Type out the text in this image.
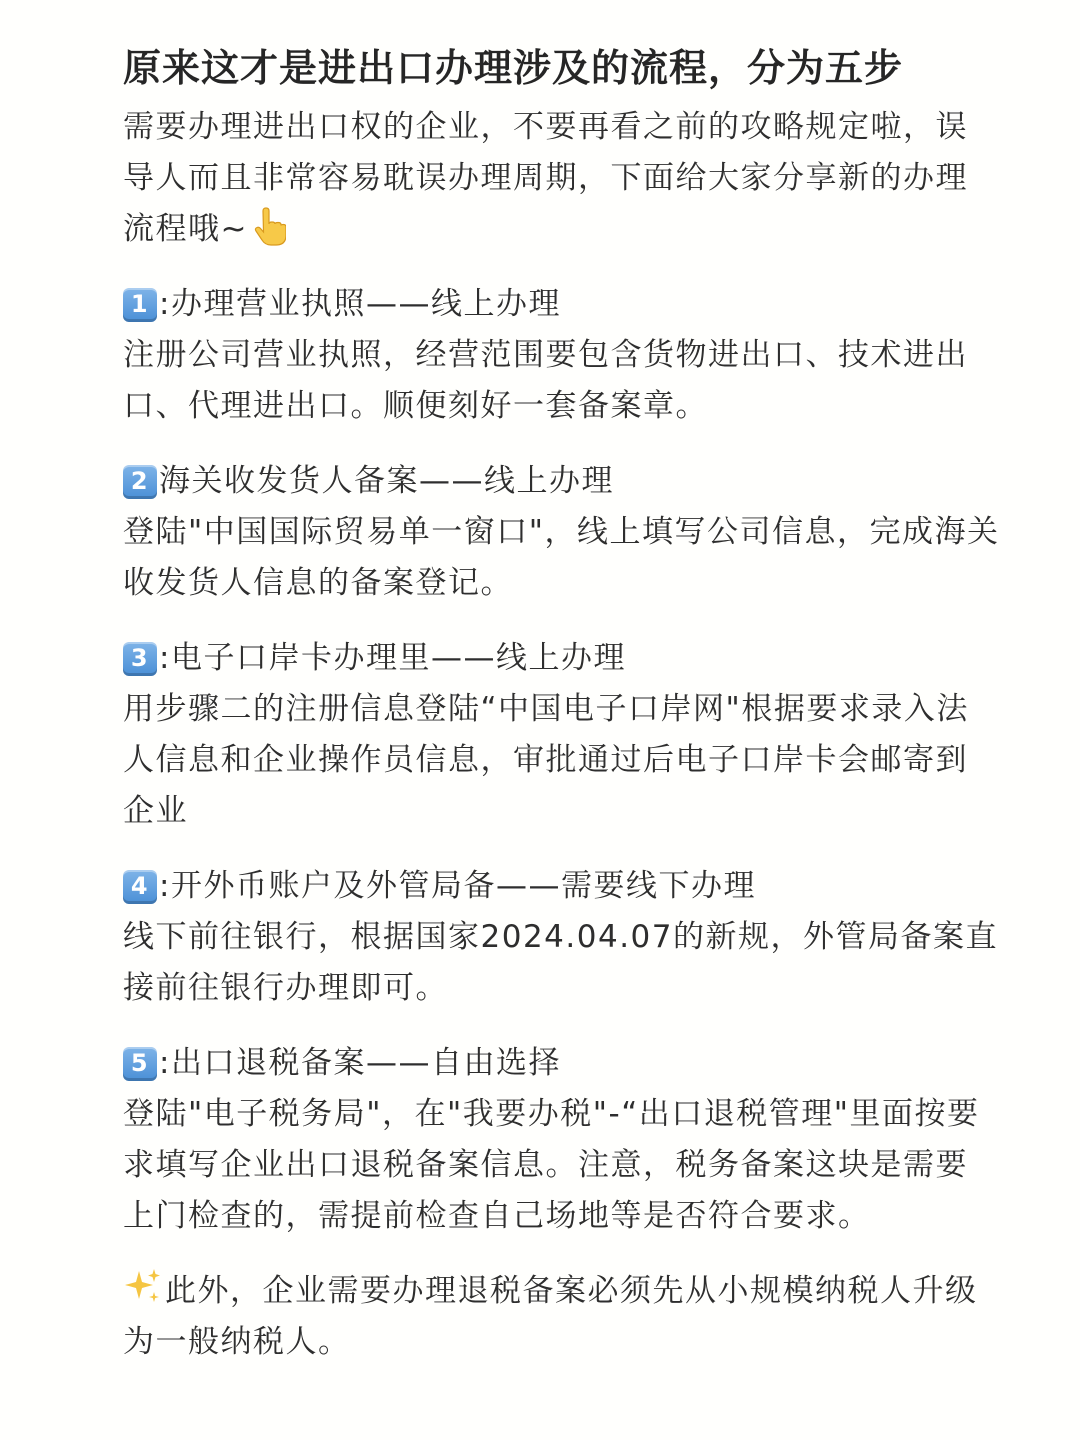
原来这才是进出口办理涉及的流程，分为五步

需要办理进出口权的企业，不要再看之前的攻略规定啦，误导人而且非常容易耽误办理周期，下面给大家分享新的办理流程哦~

1 :办理营业执照——线上办理

注册公司营业执照，经营范围要包含货物进出口、技术进出口、代理进出口。顺便刻好一套备案章。

2 海关收发货人备案——线上办理

登陆"中国国际贸易单一窗口"，线上填写公司信息，完成海关收发货人信息的备案登记。

3 :电子口岸卡办理里——线上办理

用步骤二的注册信息登陆“中国电子口岸网"根据要求录入法人信息和企业操作员信息，审批通过后电子口岸卡会邮寄到企业

4 :开外币账户及外管局备——需要线下办理

线下前往银行，根据国家2024.04.07的新规，外管局备案直接前往银行办理即可。

5 :出口退税备案——自由选择

登陆"电子税务局"，在"我要办税"-“出口退税管理"里面按要求填写企业出口退税备案信息。注意，税务备案这块是需要上门检查的，需提前检查自己场地等是否符合要求。

此外，企业需要办理退税备案必须先从小规模纳税人升级为一般纳税人。
